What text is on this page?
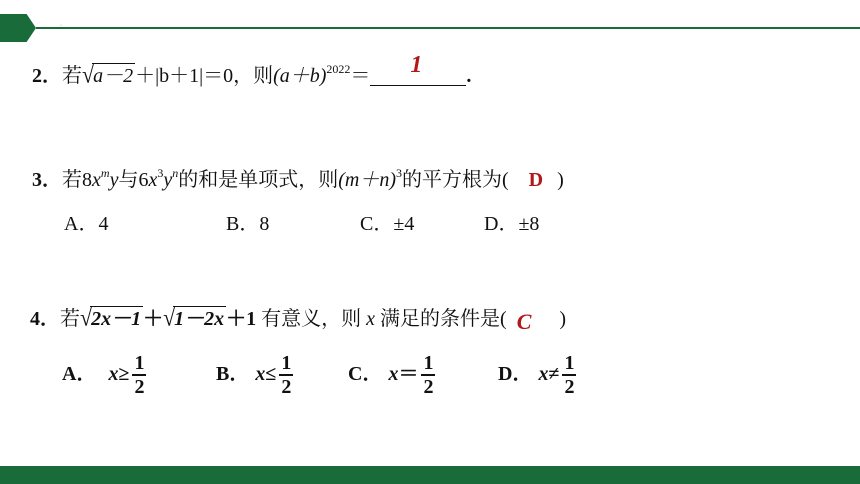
·
2．若√a－2 ＋|b＋1|＝0，则$(a+b)^{2022}= 1$ .
3．若$8x^my$与$6x^3y^n$的和是单项式，则$(m+n)^3$的平方根为( D )
A．4	B．8	C．±4	D．±8
4．若√2x－1 ＋√1－2x ＋1 有意义，则 x 满足的条件是( C )
A． $x\ge \frac{1}{2}$	B． $x\le \frac{1}{2}$	C． $x= \frac{1}{2}$	D． $x\ne \frac{1}{2}$
